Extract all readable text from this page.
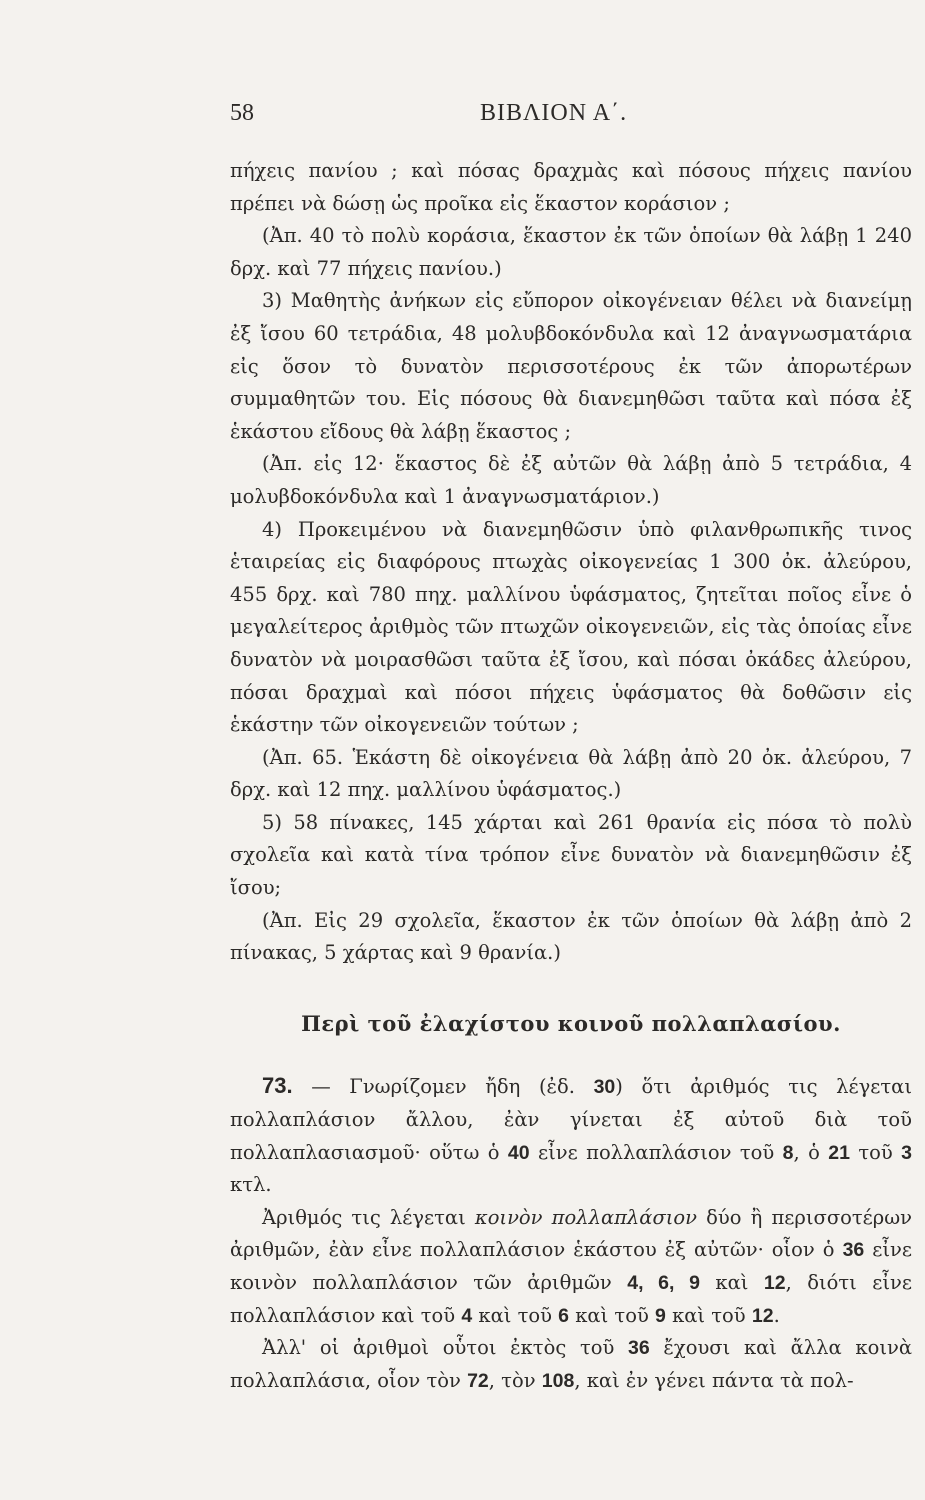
58	ΒΙΒΛΙΟΝ Α΄.

πήχεις πανίου ; καὶ πόσας δραχμὰς καὶ πόσους πήχεις πανίου πρέπει νὰ δώσῃ ὡς προῖκα εἰς ἕκαστον κοράσιον ;

(Ἀπ. 40 τὸ πολὺ κοράσια, ἕκαστον ἐκ τῶν ὁποίων θὰ λάβῃ 1 240 δρχ. καὶ 77 πήχεις πανίου.)

3) Μαθητὴς ἀνήκων εἰς εὔπορον οἰκογένειαν θέλει νὰ διανείμῃ ἐξ ἴσου 60 τετράδια, 48 μολυβδοκόνδυλα καὶ 12 ἀναγνωσματάρια εἰς ὅσον τὸ δυνατὸν περισσοτέρους ἐκ τῶν ἀπορωτέρων συμμαθητῶν του. Εἰς πόσους θὰ διανεμηθῶσι ταῦτα καὶ πόσα ἐξ ἑκάστου εἴδους θὰ λάβῃ ἕκαστος ;

(Ἀπ. εἰς 12· ἕκαστος δὲ ἐξ αὐτῶν θὰ λάβῃ ἀπὸ 5 τετράδια, 4 μολυβδοκόνδυλα καὶ 1 ἀναγνωσματάριον.)

4) Προκειμένου νὰ διανεμηθῶσιν ὑπὸ φιλανθρωπικῆς τινος ἑταιρείας εἰς διαφόρους πτωχὰς οἰκογενείας 1 300 ὀκ. ἀλεύρου, 455 δρχ. καὶ 780 πηχ. μαλλίνου ὑφάσματος, ζητεῖται ποῖος εἶνε ὁ μεγαλείτερος ἀριθμὸς τῶν πτωχῶν οἰκογενειῶν, εἰς τὰς ὁποίας εἶνε δυνατὸν νὰ μοιρασθῶσι ταῦτα ἐξ ἴσου, καὶ πόσαι ὀκάδες ἀλεύρου, πόσαι δραχμαὶ καὶ πόσοι πήχεις ὑφάσματος θὰ δοθῶσιν εἰς ἑκάστην τῶν οἰκογενειῶν τούτων ;

(Ἀπ. 65. Ἑκάστη δὲ οἰκογένεια θὰ λάβῃ ἀπὸ 20 ὀκ. ἀλεύρου, 7 δρχ. καὶ 12 πηχ. μαλλίνου ὑφάσματος.)

5) 58 πίνακες, 145 χάρται καὶ 261 θρανία εἰς πόσα τὸ πολὺ σχολεῖα καὶ κατὰ τίνα τρόπον εἶνε δυνατὸν νὰ διανεμηθῶσιν ἐξ ἴσου;

(Ἀπ. Εἰς 29 σχολεῖα, ἕκαστον ἐκ τῶν ὁποίων θὰ λάβῃ ἀπὸ 2 πίνακας, 5 χάρτας καὶ 9 θρανία.)

Περὶ τοῦ ἐλαχίστου κοινοῦ πολλαπλασίου.

73. — Γνωρίζομεν ἤδη (ἐδ. 30) ὅτι ἀριθμός τις λέγεται πολλαπλάσιον ἄλλου, ἐὰν γίνεται ἐξ αὐτοῦ διὰ τοῦ πολλαπλασιασμοῦ· οὕτω ὁ 40 εἶνε πολλαπλάσιον τοῦ 8, ὁ 21 τοῦ 3 κτλ.

Ἀριθμός τις λέγεται κοινὸν πολλαπλάσιον δύο ἢ περισσοτέρων ἀριθμῶν, ἐὰν εἶνε πολλαπλάσιον ἑκάστου ἐξ αὐτῶν· οἷον ὁ 36 εἶνε κοινὸν πολλαπλάσιον τῶν ἀριθμῶν 4, 6, 9 καὶ 12, διότι εἶνε πολλαπλάσιον καὶ τοῦ 4 καὶ τοῦ 6 καὶ τοῦ 9 καὶ τοῦ 12.

Ἀλλ' οἱ ἀριθμοὶ οὗτοι ἐκτὸς τοῦ 36 ἔχουσι καὶ ἄλλα κοινὰ πολλαπλάσια, οἷον τὸν 72, τὸν 108, καὶ ἐν γένει πάντα τὰ πολ-
